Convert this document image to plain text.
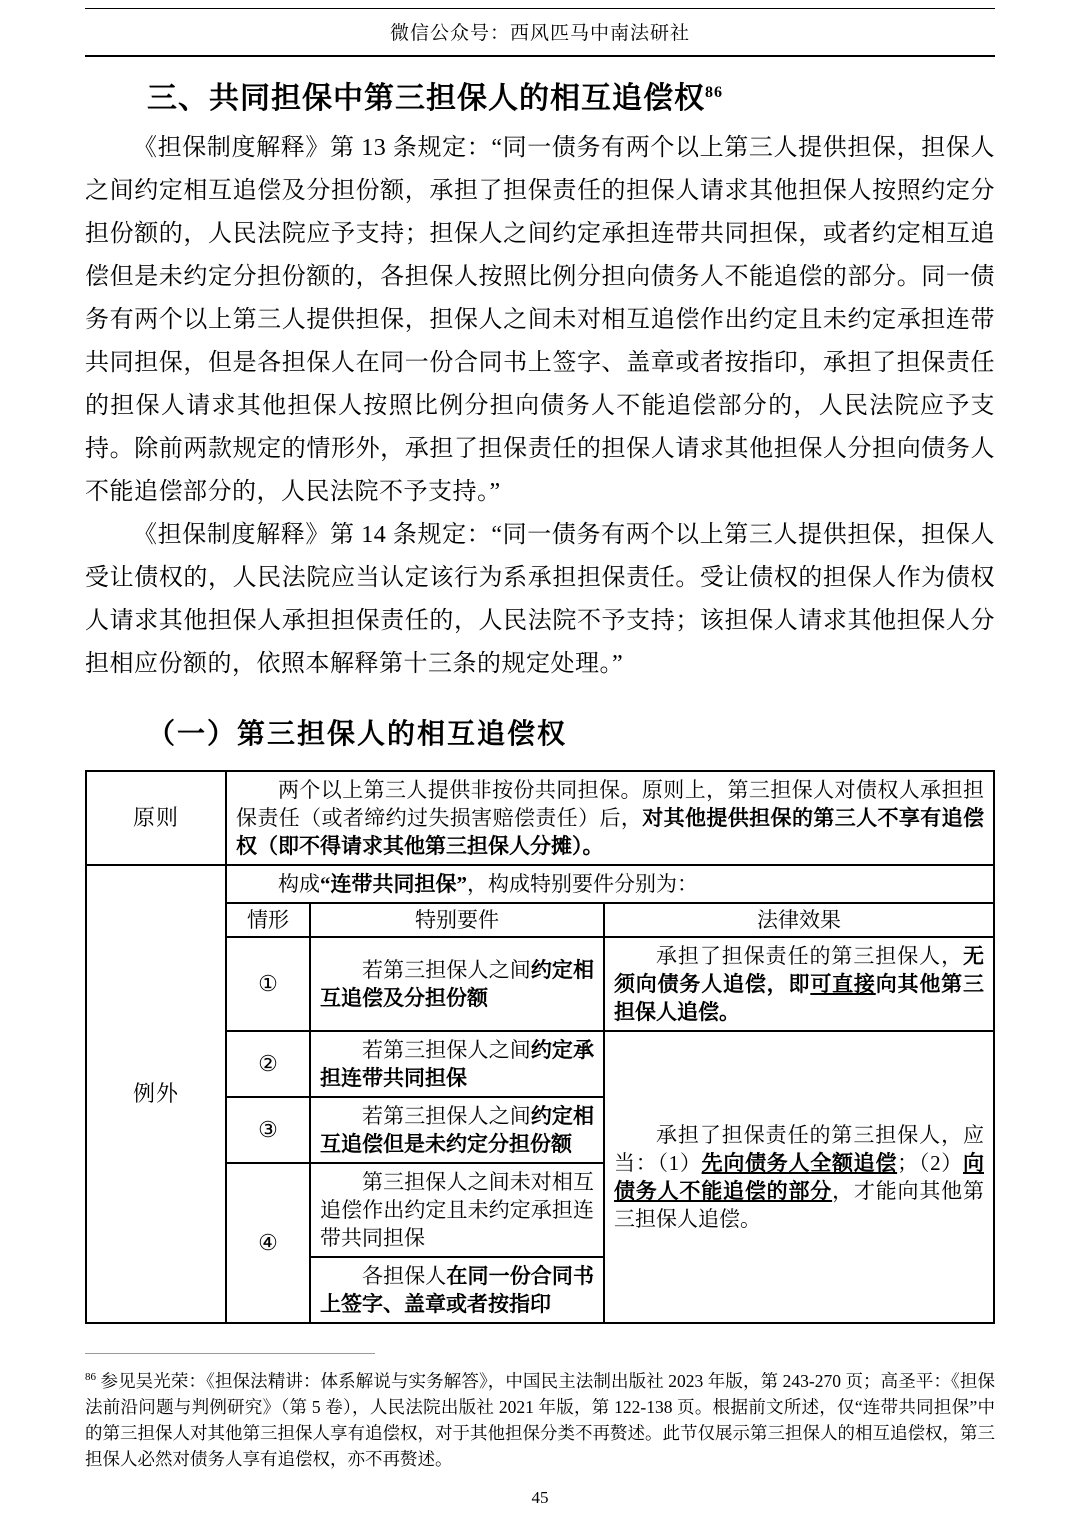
微信公众号：西风匹马中南法研社
三、共同担保中第三担保人的相互追偿权$^{86}$

《担保制度解释》第 13 条规定：“同一债务有两个以上第三人提供担保，担保人之间约定相互追偿及分担份额，承担了担保责任的担保人请求其他担保人按照约定分担份额的，人民法院应予支持；担保人之间约定承担连带共同担保，或者约定相互追偿但是未约定分担份额的，各担保人按照比例分担向债务人不能追偿的部分。同一债务有两个以上第三人提供担保，担保人之间未对相互追偿作出约定且未约定承担连带共同担保，但是各担保人在同一份合同书上签字、盖章或者按指印，承担了担保责任的担保人请求其他担保人按照比例分担向债务人不能追偿部分的，人民法院应予支持。除前两款规定的情形外，承担了担保责任的担保人请求其他担保人分担向债务人不能追偿部分的，人民法院不予支持。”

《担保制度解释》第 14 条规定：“同一债务有两个以上第三人提供担保，担保人受让债权的，人民法院应当认定该行为系承担担保责任。受让债权的担保人作为债权人请求其他担保人承担担保责任的，人民法院不予支持；该担保人请求其他担保人分担相应份额的，依照本解释第十三条的规定处理。”

（一）第三担保人的相互追偿权
原则	两个以上第三人提供非按份共同担保。原则上，第三担保人对债权人承担担保责任（或者缔约过失损害赔偿责任）后，对其他提供担保的第三人不享有追偿权（即不得请求其他第三担保人分摊）。		
例外	构成“连带共同担保”，构成特别要件分别为：		
	情形	特别要件	法律效果
	①	若第三担保人之间约定相互追偿及分担份额	承担了担保责任的第三担保人，无须向债务人追偿，即可直接向其他第三担保人追偿。
	②	若第三担保人之间约定承担连带共同担保	承担了担保责任的第三担保人，应当：（1）先向债务人全额追偿；（2）向债务人不能追偿的部分，才能向其他第三担保人追偿。
	③	若第三担保人之间约定相互追偿但是未约定分担份额	
	④	第三担保人之间未对相互追偿作出约定且未约定承担连带共同担保	
		各担保人在同一份合同书上签字、盖章或者按指印	

$^{86}$ 参见吴光荣：《担保法精讲：体系解说与实务解答》，中国民主法制出版社 2023 年版，第 243-270 页；高圣平：《担保法前沿问题与判例研究》（第 5 卷），人民法院出版社 2021 年版，第 122-138 页。根据前文所述，仅“连带共同担保”中的第三担保人对其他第三担保人享有追偿权，对于其他担保分类不再赘述。此节仅展示第三担保人的相互追偿权，第三担保人必然对债务人享有追偿权，亦不再赘述。

45
